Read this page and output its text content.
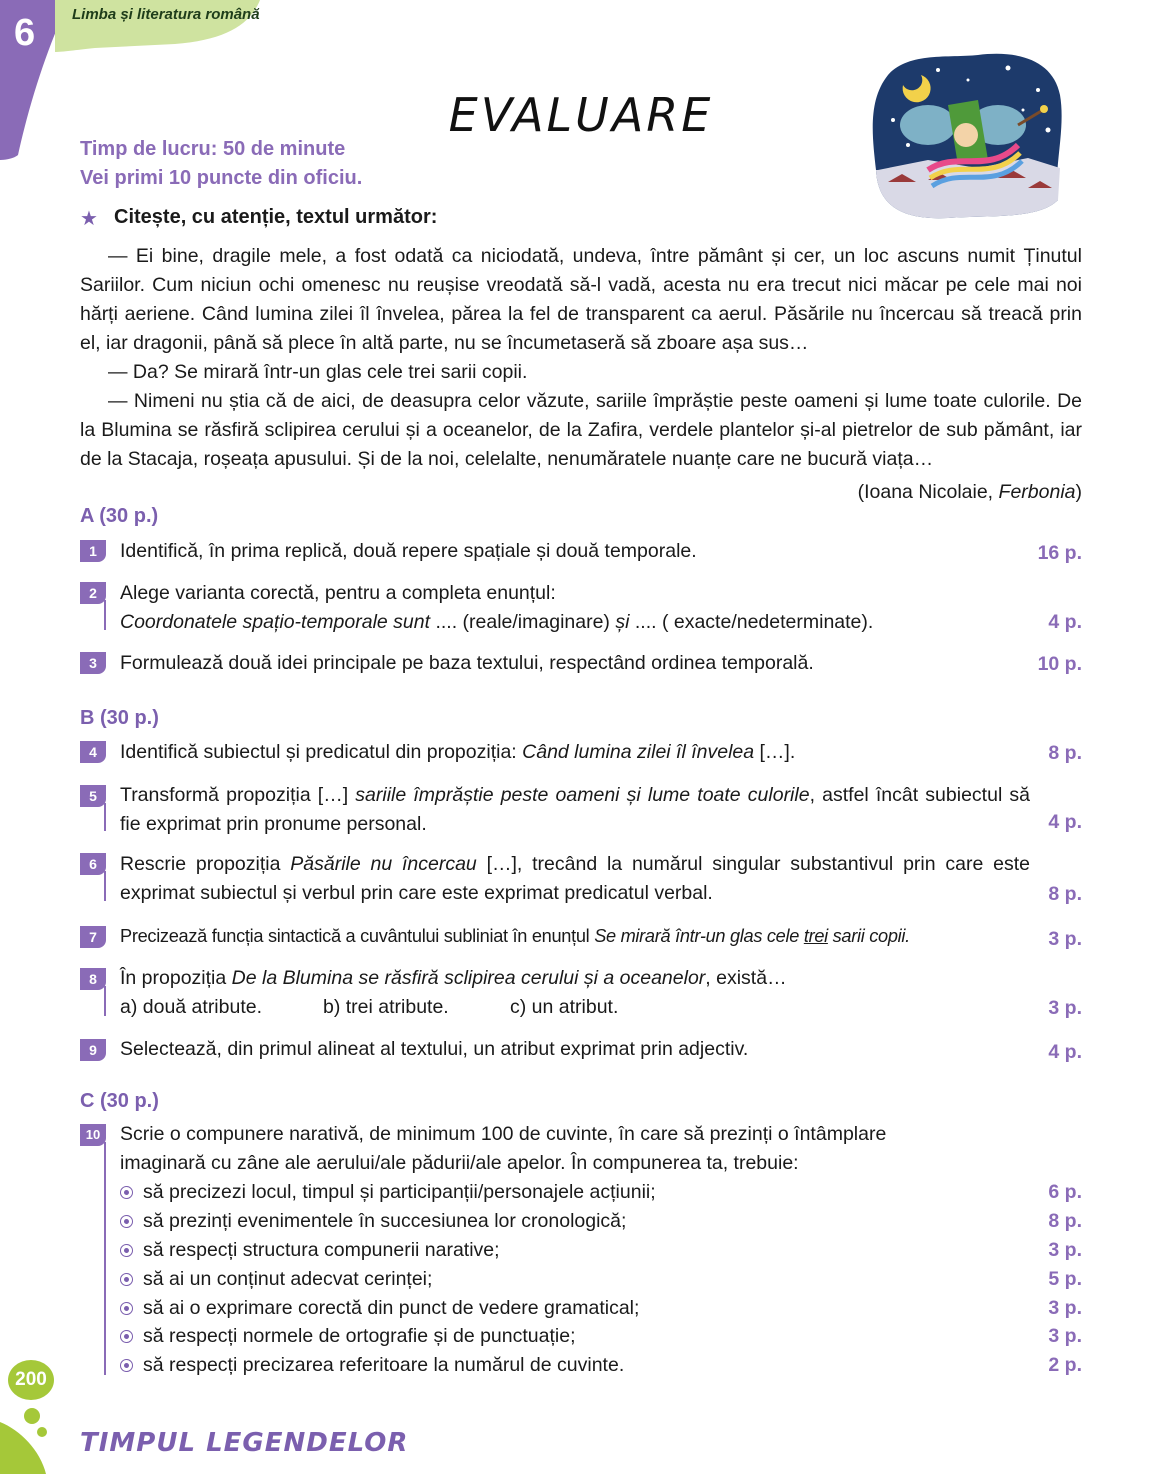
6 Limba și literatura română
EVALUARE
Timp de lucru: 50 de minute
Vei primi 10 puncte din oficiu.
★ Citește, cu atenție, textul următor:

— Ei bine, dragile mele, a fost odată ca niciodată, undeva, între pământ și cer, un loc ascuns numit Ținutul Sariilor. Cum niciun ochi omenesc nu reușise vreodată să-l vadă, acesta nu era trecut nici măcar pe cele mai noi hărți aeriene. Când lumina zilei îl învelea, părea la fel de transparent ca aerul. Păsările nu încercau să treacă prin el, iar dragonii, până să plece în altă parte, nu se încumetaseră să zboare așa sus…

— Da? Se mirară într-un glas cele trei sarii copii.

— Nimeni nu știa că de aici, de deasupra celor văzute, sariile împrăștie peste oameni și lume toate culorile. De la Blumina se răsfiră sclipirea cerului și a oceanelor, de la Zafira, verdele plantelor și-al pietrelor de sub pământ, iar de la Stacaja, roșeața apusului. Și de la noi, celelalte, nenumăratele nuanțe care ne bucură viața…

(Ioana Nicolaie, Ferbonia)
A (30 p.)
1	Identifică, în prima replică, două repere spațiale și două temporale.	16 p.
2	Alege varianta corectă, pentru a completa enunțul:
Coordonatele spațio-temporale sunt .... (reale/imaginare) și .... ( exacte/nedeterminate).	4 p.
3	Formulează două idei principale pe baza textului, respectând ordinea temporală.	10 p.
B (30 p.)
4	Identifică subiectul și predicatul din propoziția: Când lumina zilei îl învelea […].	8 p.
5	Transformă propoziția […] sariile împrăștie peste oameni și lume toate culorile, astfel încât subiectul să fie exprimat prin pronume personal.	4 p.
6	Rescrie propoziția Păsările nu încercau […], trecând la numărul singular substantivul prin care este exprimat subiectul și verbul prin care este exprimat predicatul verbal.	8 p.
7	Precizează funcția sintactică a cuvântului subliniat în enunțul Se mirară într-un glas cele trei sarii copii.	3 p.
8	În propoziția De la Blumina se răsfiră sclipirea cerului și a oceanelor, există…
a) două atribute.	b) trei atribute.	c) un atribut.	3 p.
9	Selectează, din primul alineat al textului, un atribut exprimat prin adjectiv.	4 p.
C (30 p.)
10 Scrie o compunere narativă, de minimum 100 de cuvinte, în care să prezinți o întâmplare
imaginară cu zâne ale aerului/ale pădurii/ale apelor. În compunerea ta, trebuie:
să precizezi locul, timpul și participanții/personajele acțiunii;	6 p.
să prezinți evenimentele în succesiunea lor cronologică;	8 p.
să respecți structura compunerii narative;	3 p.
să ai un conținut adecvat cerinței;	5 p.
să ai o exprimare corectă din punct de vedere gramatical;	3 p.
să respecți normele de ortografie și de punctuație;	3 p.
să respecți precizarea referitoare la numărul de cuvinte.	2 p.
200
TIMPUL LEGENDELOR
